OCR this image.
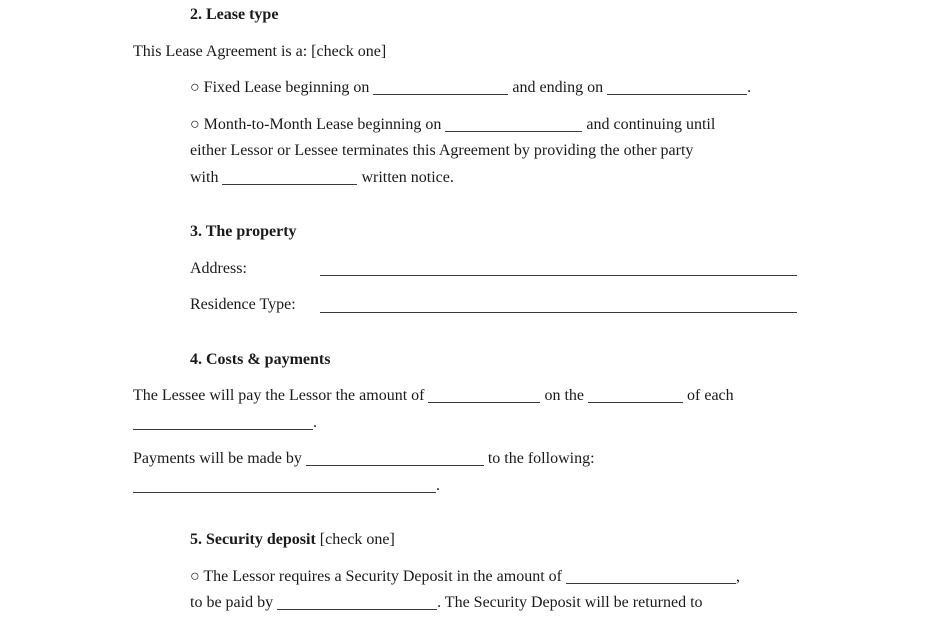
2. Lease type

This Lease Agreement is a: [check one]

○ Fixed Lease beginning on	and ending on	.

○ Month-to-Month Lease beginning on	and continuing until
either Lessor or Lessee terminates this Agreement by providing the other party
with	written notice.

3. The property

Address:
Residence Type:

4. Costs & payments

The Lessee will pay the Lessor the amount of	on the	of each
.

Payments will be made by	to the following:
.

5. Security deposit [check one]

○ The Lessor requires a Security Deposit in the amount of	,
to be paid by	. The Security Deposit will be returned to
